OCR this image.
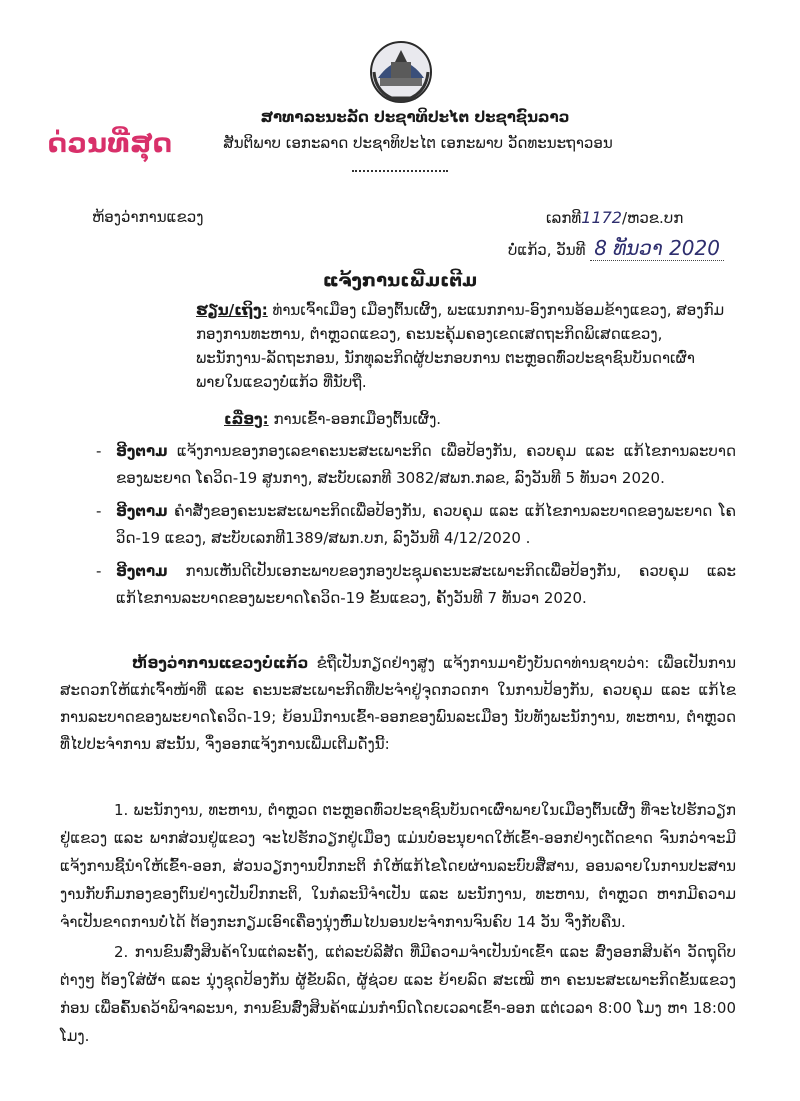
ດ່ວນທີ່ສຸດ
ສາທາລະນະລັດ ປະຊາທິປະໄຕ ປະຊາຊົນລາວ
ສັນຕິພາບ ເອກະລາດ ປະຊາທິປະໄຕ ເອກະພາບ ວັດທະນະຖາວອນ
ຫ້ອງວ່າການແຂວງ	ເລກທີ1172/ຫວຂ.ບກ
ບໍ່ແກ້ວ, ວັນທີ 8 ທັນວາ 2020
ແຈ້ງການເພີ່ມເຕີມ
ຮຽນ/ເຖິງ: ທ່ານເຈົ້າເມືອງ ເມືອງຕົ້ນເຜິ້ງ, ພະແນກການ-ອົງການອ້ອມຂ້າງແຂວງ, ສອງກົມກອງການທະຫານ, ຕຳຫຼວດແຂວງ, ຄະນະຄຸ້ມຄອງເຂດເສດຖະກິດພິເສດແຂວງ, ພະນັກງານ-ລັດຖະກອນ, ນັກທຸລະກິດຜູ້ປະກອບການ ຕະຫຼອດທົ່ວປະຊາຊົນບັນດາເຜົ່າ ພາຍໃນແຂວງບໍ່ແກ້ວ ທີ່ນັບຖື.
ເລື່ອງ: ການເຂົ້າ-ອອກເມືອງຕົ້ນເຜິ້ງ.
- ອີງຕາມ ແຈ້ງການຂອງກອງເລຂາຄະນະສະເພາະກິດ ເພື່ອປ້ອງກັນ, ຄວບຄຸມ ແລະ ແກ້ໄຂການລະບາດຂອງພະຍາດ ໂຄວິດ-19 ສູນກາງ, ສະບັບເລກທີ 3082/ສພກ.ກລຂ, ລົງວັນທີ 5 ທັນວາ 2020.
- ອີງຕາມ ຄຳສັ່ງຂອງຄະນະສະເພາະກິດເພື່ອປ້ອງກັນ, ຄວບຄຸມ ແລະ ແກ້ໄຂການລະບາດຂອງພະຍາດ ໂຄວິດ-19 ແຂວງ, ສະບັບເລກທີ1389/ສພກ.ບກ, ລົງວັນທີ 4/12/2020 .
- ອີງຕາມ ການເຫັນດີເປັນເອກະພາບຂອງກອງປະຊຸມຄະນະສະເພາະກິດເພື່ອປ້ອງກັນ, ຄວບຄຸມ ແລະ ແກ້ໄຂການລະບາດຂອງພະຍາດໂຄວິດ-19 ຂັ້ນແຂວງ, ຄັ້ງວັນທີ 7 ທັນວາ 2020.
ຫ້ອງວ່າການແຂວງບໍ່ແກ້ວ ຂໍຖືເປັນກຽດຢ່າງສູງ ແຈ້ງການມາຍັງບັນດາທ່ານຊາບວ່າ: ເພື່ອເປັນການສະດວກໃຫ້ແກ່ເຈົ້າໜ້າທີ່ ແລະ ຄະນະສະເພາະກິດທີ່ປະຈຳຢູ່ຈຸດກວດກາ ໃນການປ້ອງກັນ, ຄວບຄຸມ ແລະ ແກ້ໄຂການລະບາດຂອງພະຍາດໂຄວິດ-19; ຍ້ອນມີການເຂົ້າ-ອອກຂອງພົນລະເມືອງ ນັບທັງພະນັກງານ, ທະຫານ, ຕຳຫຼວດ ທີ່ໄປປະຈຳການ ສະນັ້ນ, ຈຶ່ງອອກແຈ້ງການເພີ່ມເຕີມດັ່ງນີ້:
1. ພະນັກງານ, ທະຫານ, ຕຳຫຼວດ ຕະຫຼອດທົ່ວປະຊາຊົນບັນດາເຜົ່າພາຍໃນເມືອງຕົ້ນເຜິ້ງ ທີ່ຈະໄປຮັກວຽກຢູ່ແຂວງ ແລະ ພາກສ່ວນຢູ່ແຂວງ ຈະໄປຮັກວຽກຢູ່ເມືອງ ແມ່ນບໍ່ອະນຸຍາດໃຫ້ເຂົ້າ-ອອກຢ່າງເດັດຂາດ ຈົນກວ່າຈະມີແຈ້ງການຊີ້ນຳໃຫ້ເຂົ້າ-ອອກ, ສ່ວນວຽກງານປົກກະຕິ ກໍໃຫ້ແກ້ໄຂໂດຍຜ່ານລະບົບສື່ສານ, ອອນລາຍໃນການປະສານງານກັບກົມກອງຂອງຕົນຢ່າງເປັນປົກກະຕິ, ໃນກໍລະນີຈຳເປັນ ແລະ ພະນັກງານ, ທະຫານ, ຕຳຫຼວດ ຫາກມີຄວາມຈຳເປັນຂາດການບໍ່ໄດ້ ຕ້ອງກະກຽມເອົາເຄື່ອງນຸ່ງຫົ່ມໄປນອນປະຈຳການຈົນຄົບ 14 ວັນ ຈຶ່ງກັບຄືນ.
2. ການຂົນສົ່ງສິນຄ້າໃນແຕ່ລະຄັ້ງ, ແຕ່ລະບໍລິສັດ ທີ່ມີຄວາມຈຳເປັນນຳເຂົ້າ ແລະ ສົ່ງອອກສິນຄ້າ ວັດຖຸດິບຕ່າງໆ ຕ້ອງໃສ່ຜ້າ ແລະ ນຸ່ງຊຸດປ້ອງກັນ ຜູ້ຂັບລົດ, ຜູ້ຊ່ວຍ ແລະ ຍ້າຍລົດ ສະເໝີ ຫາ ຄະນະສະເພາະກິດຂັ້ນແຂວງກ່ອນ ເພື່ອຄົ້ນຄວ້າພິຈາລະນາ, ການຂົນສົ່ງສິນຄ້າແມ່ນກຳນົດໂດຍເວລາເຂົ້າ-ອອກ ແຕ່ເວລາ 8:00 ໂມງ ຫາ 18:00 ໂມງ.
